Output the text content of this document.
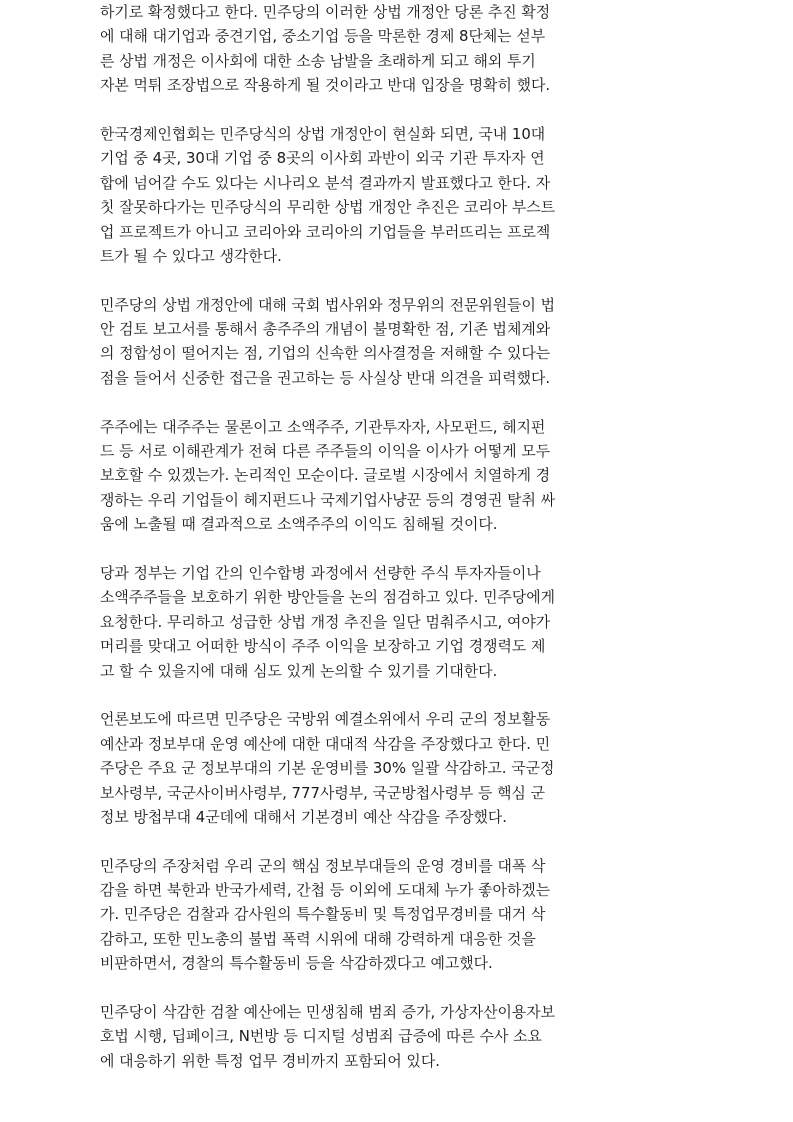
하기로 확정했다고 한다. 민주당의 이러한 상법 개정안 당론 추진 확정
에 대해 대기업과 중견기업, 중소기업 등을 막론한 경제 8단체는 섣부
른 상법 개정은 이사회에 대한 소송 남발을 초래하게 되고 해외 투기
자본 먹튀 조장법으로 작용하게 될 것이라고 반대 입장을 명확히 했다.
한국경제인협회는 민주당식의 상법 개정안이 현실화 되면, 국내 10대
기업 중 4곳, 30대 기업 중 8곳의 이사회 과반이 외국 기관 투자자 연
합에 넘어갈 수도 있다는 시나리오 분석 결과까지 발표했다고 한다. 자
칫 잘못하다가는 민주당식의 무리한 상법 개정안 추진은 코리아 부스트
업 프로젝트가 아니고 코리아와 코리아의 기업들을 부러뜨리는 프로젝
트가 될 수 있다고 생각한다.
민주당의 상법 개정안에 대해 국회 법사위와 정무위의 전문위원들이 법
안 검토 보고서를 통해서 총주주의 개념이 불명확한 점, 기존 법체계와
의 정합성이 떨어지는 점, 기업의 신속한 의사결정을 저해할 수 있다는
점을 들어서 신중한 접근을 권고하는 등 사실상 반대 의견을 피력했다.
주주에는 대주주는 물론이고 소액주주, 기관투자자, 사모펀드, 헤지펀
드 등 서로 이해관계가 전혀 다른 주주들의 이익을 이사가 어떻게 모두
보호할 수 있겠는가. 논리적인 모순이다. 글로벌 시장에서 치열하게 경
쟁하는 우리 기업들이 헤지펀드나 국제기업사냥꾼 등의 경영권 탈취 싸
움에 노출될 때 결과적으로 소액주주의 이익도 침해될 것이다.
당과 정부는 기업 간의 인수합병 과정에서 선량한 주식 투자자들이나
소액주주들을 보호하기 위한 방안들을 논의 점검하고 있다. 민주당에게
요청한다. 무리하고 성급한 상법 개정 추진을 일단 멈춰주시고, 여야가
머리를 맞대고 어떠한 방식이 주주 이익을 보장하고 기업 경쟁력도 제
고 할 수 있을지에 대해 심도 있게 논의할 수 있기를 기대한다.
언론보도에 따르면 민주당은 국방위 예결소위에서 우리 군의 정보활동
예산과 정보부대 운영 예산에 대한 대대적 삭감을 주장했다고 한다. 민
주당은 주요 군 정보부대의 기본 운영비를 30% 일괄 삭감하고. 국군정
보사령부, 국군사이버사령부, 777사령부, 국군방첩사령부 등 핵심 군
정보 방첩부대 4군데에 대해서 기본경비 예산 삭감을 주장했다.
민주당의 주장처럼 우리 군의 핵심 정보부대들의 운영 경비를 대폭 삭
감을 하면 북한과 반국가세력, 간첩 등 이외에 도대체 누가 좋아하겠는
가. 민주당은 검찰과 감사원의 특수활동비 및 특정업무경비를 대거 삭
감하고, 또한 민노총의 불법 폭력 시위에 대해 강력하게 대응한 것을
비판하면서, 경찰의 특수활동비 등을 삭감하겠다고 예고했다.
민주당이 삭감한 검찰 예산에는 민생침해 범죄 증가, 가상자산이용자보
호법 시행, 딥페이크, N번방 등 디지털 성범죄 급증에 따른 수사 소요
에 대응하기 위한 특정 업무 경비까지 포함되어 있다.
